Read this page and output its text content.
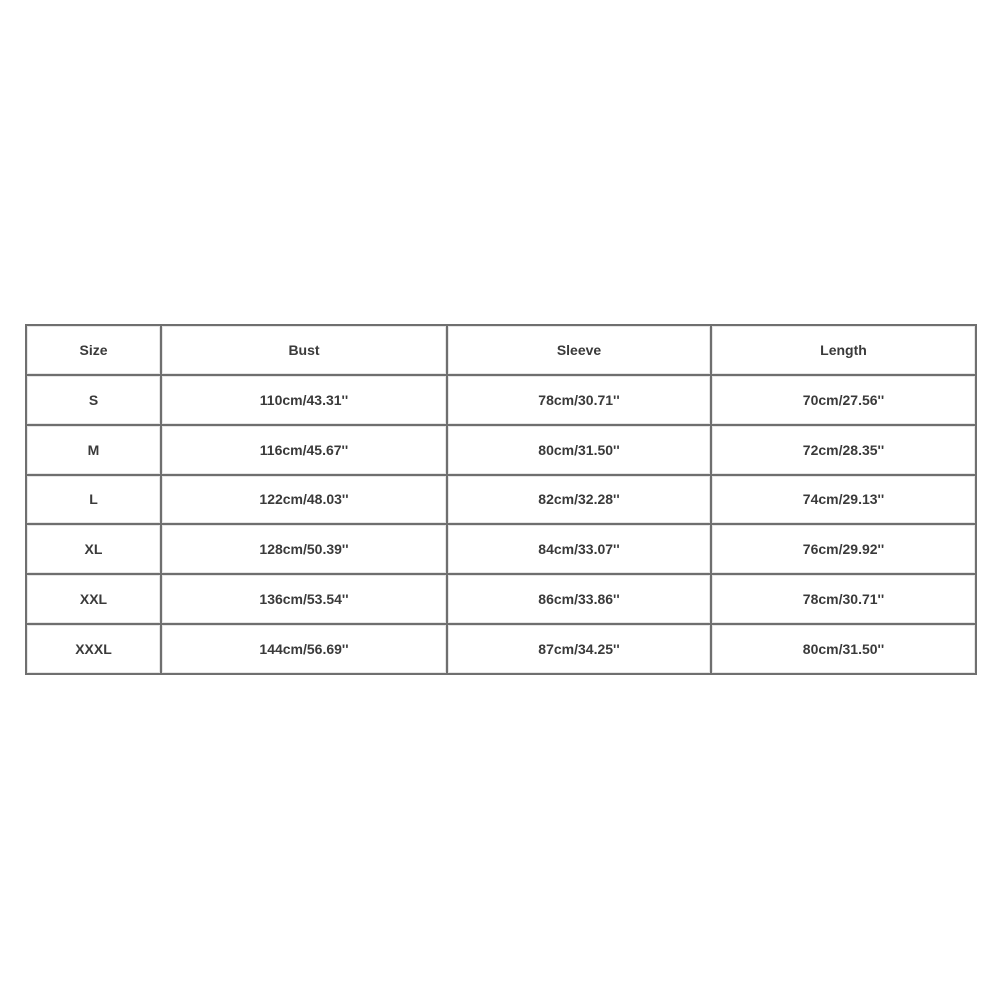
Size	Bust	Sleeve	Length
S	110cm/43.31''	78cm/30.71''	70cm/27.56''
M	116cm/45.67''	80cm/31.50''	72cm/28.35''
L	122cm/48.03''	82cm/32.28''	74cm/29.13''
XL	128cm/50.39''	84cm/33.07''	76cm/29.92''
XXL	136cm/53.54''	86cm/33.86''	78cm/30.71''
XXXL	144cm/56.69''	87cm/34.25''	80cm/31.50''
